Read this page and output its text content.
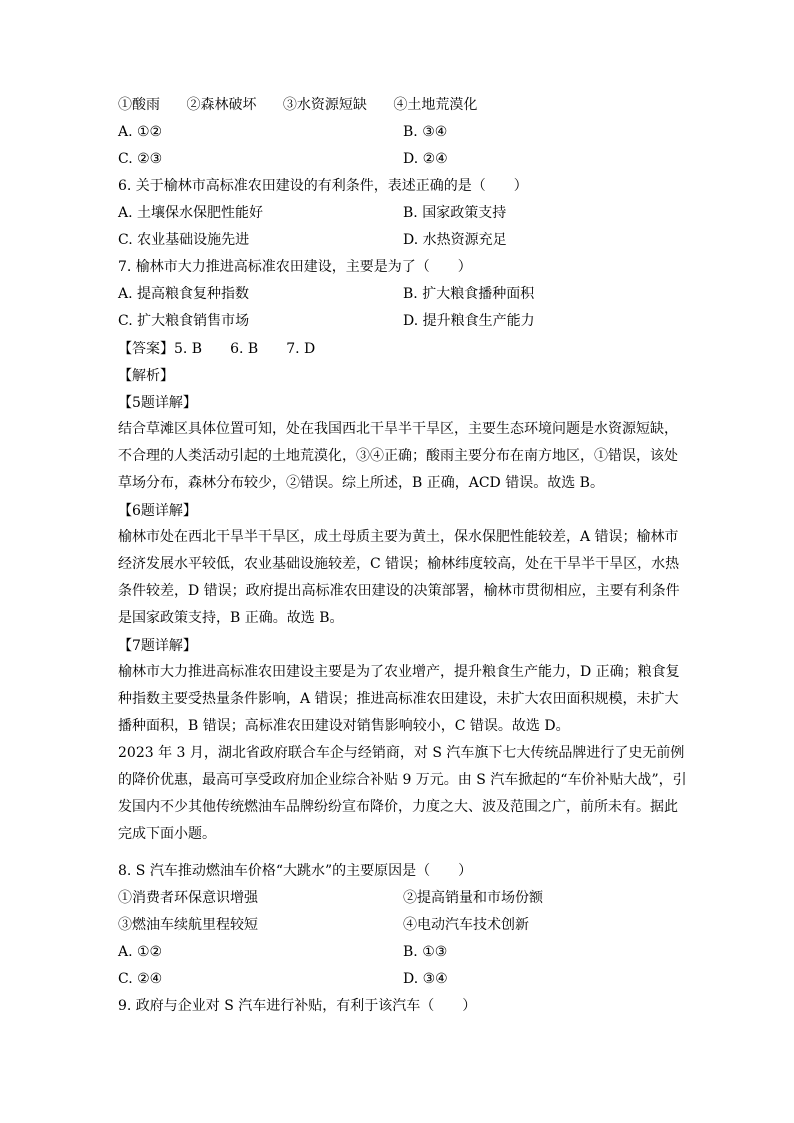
①酸雨 ②森林破坏 ③水资源短缺 ④土地荒漠化
A. ①②	B. ③④
C. ②③	D. ②④
6. 关于榆林市高标准农田建设的有利条件，表述正确的是（　　）
A. 土壤保水保肥性能好	B. 国家政策支持
C. 农业基础设施先进	D. 水热资源充足
7. 榆林市大力推进高标准农田建设，主要是为了（　　）
A. 提高粮食复种指数	B. 扩大粮食播种面积
C. 扩大粮食销售市场	D. 提升粮食生产能力
【答案】5. B　　6. B　　7. D
【解析】
【5题详解】
结合草滩区具体位置可知，处在我国西北干旱半干旱区，主要生态环境问题是水资源短缺，
不合理的人类活动引起的土地荒漠化，③④正确；酸雨主要分布在南方地区，①错误，该处
草场分布，森林分布较少，②错误。综上所述，B 正确，ACD 错误。故选 B。
【6题详解】
榆林市处在西北干旱半干旱区，成土母质主要为黄土，保水保肥性能较差，A 错误；榆林市
经济发展水平较低，农业基础设施较差，C 错误；榆林纬度较高，处在干旱半干旱区，水热
条件较差，D 错误；政府提出高标准农田建设的决策部署，榆林市贯彻相应，主要有利条件
是国家政策支持，B 正确。故选 B。
【7题详解】
榆林市大力推进高标准农田建设主要是为了农业增产，提升粮食生产能力，D 正确；粮食复
种指数主要受热量条件影响，A 错误；推进高标准农田建设，未扩大农田面积规模，未扩大
播种面积，B 错误；高标准农田建设对销售影响较小，C 错误。故选 D。
2023 年 3 月，湖北省政府联合车企与经销商，对 S 汽车旗下七大传统品牌进行了史无前例
的降价优惠，最高可享受政府加企业综合补贴 9 万元。由 S 汽车掀起的“车价补贴大战”，引
发国内不少其他传统燃油车品牌纷纷宣布降价，力度之大、波及范围之广，前所未有。据此
完成下面小题。
8. S 汽车推动燃油车价格“大跳水”的主要原因是（　　）
①消费者环保意识增强	②提高销量和市场份额
③燃油车续航里程较短	④电动汽车技术创新
A. ①②	B. ①③
C. ②④	D. ③④
9. 政府与企业对 S 汽车进行补贴，有利于该汽车（　　）
